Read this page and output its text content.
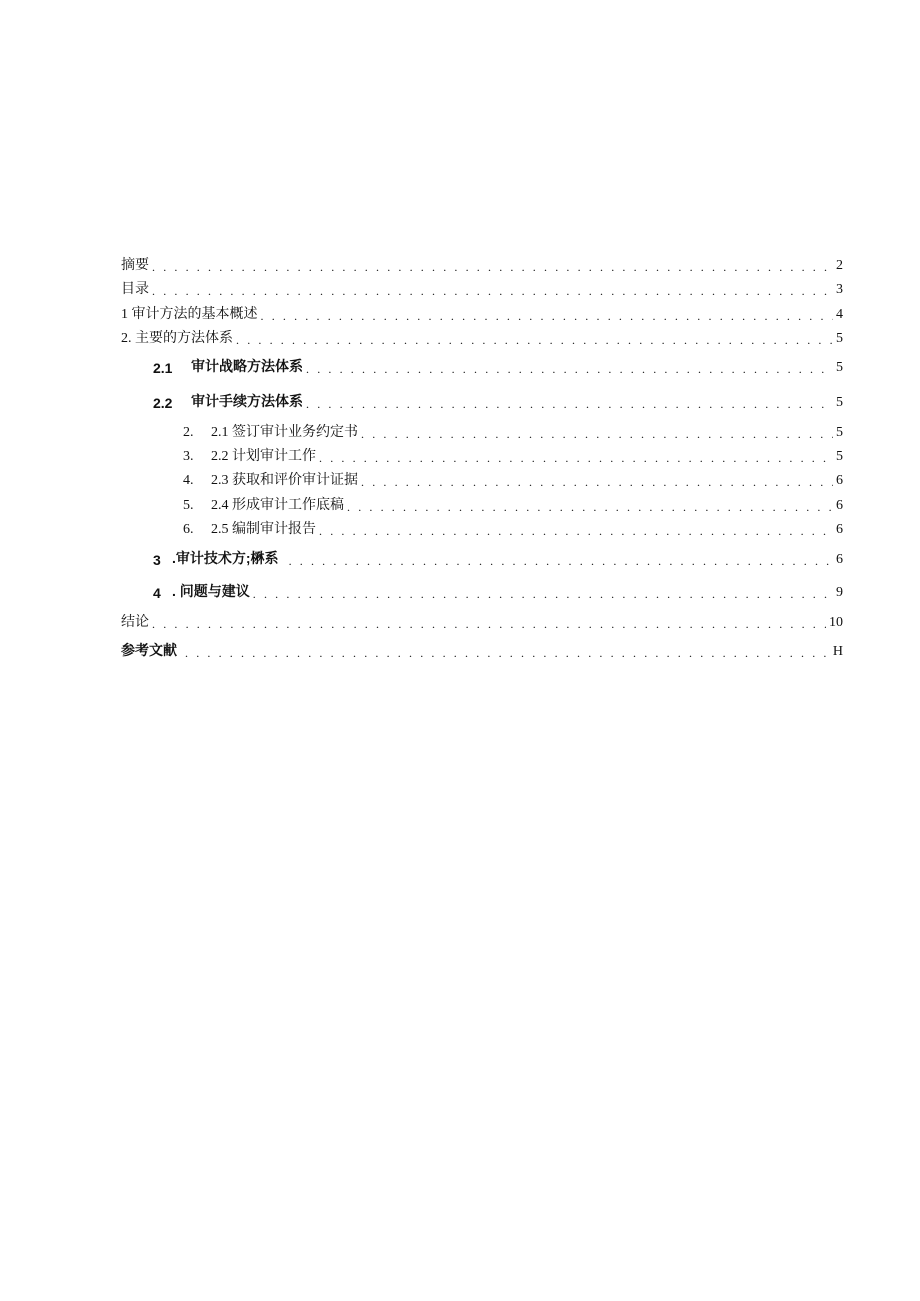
摘要 . . .	2
目录 . . .	3
1 审计方法的基本概述 . . .	4
2. 主要的方法体系 . . .	5
2.1	审计战略方法体系 . . .	5
2.2	审计手续方法体系 . . .	5
2.	2.1 签订审计业务约定书 . . .	5
3.	2.2 计划审计工作 . . .	5
4.	2.3 获取和评价审计证据 . . .	6
5.	2.4 形成审计工作底稿 . . .	6
6.	2.5 编制审计报告 . . .	6
3 .审计技术方;楙系 . . .	6
4 . 问题与建议 . . .	9
结论 . . .	10
参考文献 . . .	H
